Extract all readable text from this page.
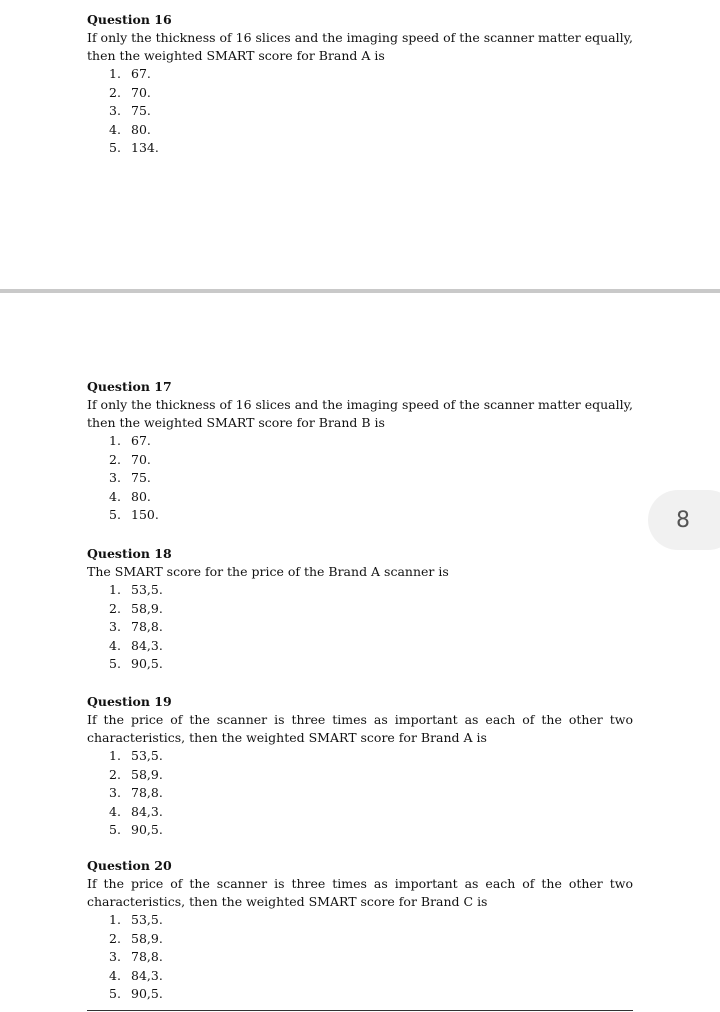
Question 16
If only the thickness of 16 slices and the imaging speed of the scanner matter equally, then the weighted SMART score for Brand A is
1. 67.
2. 70.
3. 75.
4. 80.
5. 134.
Question 17
If only the thickness of 16 slices and the imaging speed of the scanner matter equally, then the weighted SMART score for Brand B is
1. 67.
2. 70.
3. 75.
4. 80.
5. 150.
Question 18
The SMART score for the price of the Brand A scanner is
1. 53,5.
2. 58,9.
3. 78,8.
4. 84,3.
5. 90,5.
Question 19
If the price of the scanner is three times as important as each of the other two characteristics, then the weighted SMART score for Brand A is
1. 53,5.
2. 58,9.
3. 78,8.
4. 84,3.
5. 90,5.
Question 20
If the price of the scanner is three times as important as each of the other two characteristics, then the weighted SMART score for Brand C is
1. 53,5.
2. 58,9.
3. 78,8.
4. 84,3.
5. 90,5.
8
